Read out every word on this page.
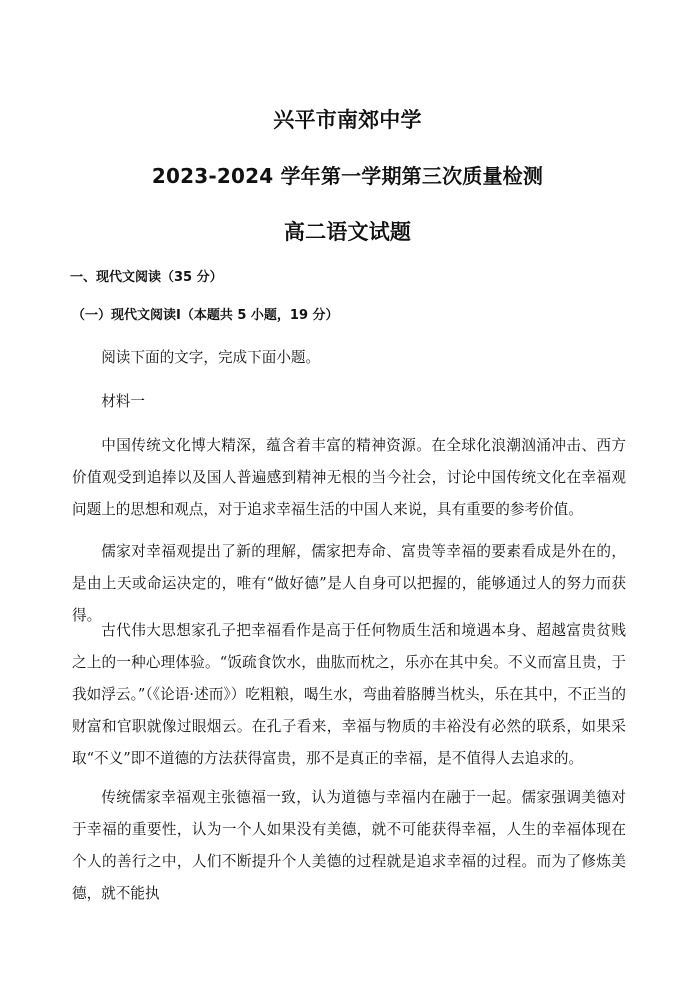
兴平市南郊中学
2023-2024 学年第一学期第三次质量检测
高二语文试题
一、现代文阅读（35 分）
（一）现代文阅读Ⅰ（本题共 5 小题，19 分）

阅读下面的文字，完成下面小题。

材料一

中国传统文化博大精深，蕴含着丰富的精神资源。在全球化浪潮汹涌冲击、西方价值观受到追捧以及国人普遍感到精神无根的当今社会，讨论中国传统文化在幸福观问题上的思想和观点，对于追求幸福生活的中国人来说，具有重要的参考价值。

儒家对幸福观提出了新的理解，儒家把寿命、富贵等幸福的要素看成是外在的，是由上天或命运决定的，唯有“做好德”是人自身可以把握的，能够通过人的努力而获得。

古代伟大思想家孔子把幸福看作是高于任何物质生活和境遇本身、超越富贵贫贱之上的一种心理体验。“饭疏食饮水，曲肱而枕之，乐亦在其中矣。不义而富且贵，于我如浮云。”（《论语·述而》）吃粗粮，喝生水，弯曲着胳膊当枕头，乐在其中，不正当的财富和官职就像过眼烟云。在孔子看来，幸福与物质的丰裕没有必然的联系，如果采取“不义”即不道德的方法获得富贵，那不是真正的幸福，是不值得人去追求的。

传统儒家幸福观主张德福一致，认为道德与幸福内在融于一起。儒家强调美德对于幸福的重要性，认为一个人如果没有美德，就不可能获得幸福，人生的幸福体现在个人的善行之中，人们不断提升个人美德的过程就是追求幸福的过程。而为了修炼美德，就不能执
